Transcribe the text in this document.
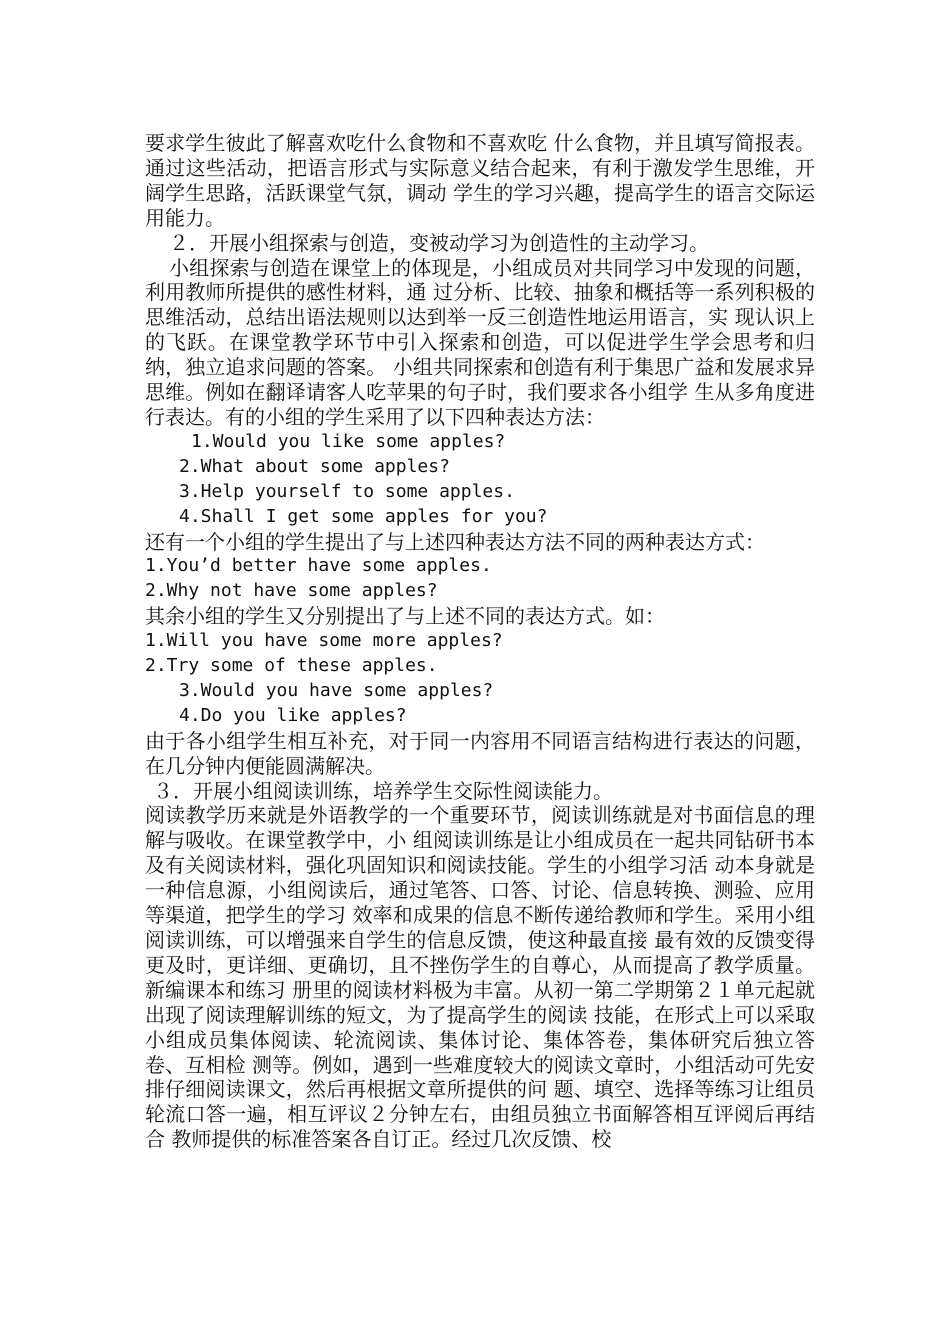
要求学生彼此了解喜欢吃什么食物和不喜欢吃 什么食物，并且填写简报表。通过这些活动，把语言形式与实际意义结合起来，有利于激发学生思维，开阔学生思路，活跃课堂气氛，调动 学生的学习兴趣，提高学生的语言交际运用能力。

２．开展小组探索与创造，变被动学习为创造性的主动学习。

小组探索与创造在课堂上的体现是，小组成员对共同学习中发现的问题，利用教师所提供的感性材料，通 过分析、比较、抽象和概括等一系列积极的思维活动，总结出语法规则以达到举一反三创造性地运用语言，实 现认识上的飞跃。在课堂教学环节中引入探索和创造，可以促进学生学会思考和归纳，独立追求问题的答案。 小组共同探索和创造有利于集思广益和发展求异思维。例如在翻译请客人吃苹果的句子时，我们要求各小组学 生从多角度进行表达。有的小组的学生采用了以下四种表达方法：

1.Would you like some apples?

2.What about some apples?

3.Help yourself to some apples.

4.Shall I get some apples for you?

还有一个小组的学生提出了与上述四种表达方法不同的两种表达方式：

1.You’d better have some apples.

2.Why not have some apples?

其余小组的学生又分别提出了与上述不同的表达方式。如：

1.Will you have some more apples?

2.Try some of these apples.

3.Would you have some apples?

4.Do you like apples?

由于各小组学生相互补充，对于同一内容用不同语言结构进行表达的问题，在几分钟内便能圆满解决。

３．开展小组阅读训练，培养学生交际性阅读能力。

阅读教学历来就是外语教学的一个重要环节，阅读训练就是对书面信息的理解与吸收。在课堂教学中，小 组阅读训练是让小组成员在一起共同钻研书本及有关阅读材料，强化巩固知识和阅读技能。学生的小组学习活 动本身就是一种信息源，小组阅读后，通过笔答、口答、讨论、信息转换、测验、应用等渠道，把学生的学习 效率和成果的信息不断传递给教师和学生。采用小组阅读训练，可以增强来自学生的信息反馈，使这种最直接 最有效的反馈变得更及时，更详细、更确切，且不挫伤学生的自尊心，从而提高了教学质量。新编课本和练习 册里的阅读材料极为丰富。从初一第二学期第２１单元起就出现了阅读理解训练的短文，为了提高学生的阅读 技能，在形式上可以采取小组成员集体阅读、轮流阅读、集体讨论、集体答卷，集体研究后独立答卷、互相检 测等。例如，遇到一些难度较大的阅读文章时，小组活动可先安排仔细阅读课文，然后再根据文章所提供的问 题、填空、选择等练习让组员轮流口答一遍，相互评议２分钟左右，由组员独立书面解答相互评阅后再结合 教师提供的标准答案各自订正。经过几次反馈、校
